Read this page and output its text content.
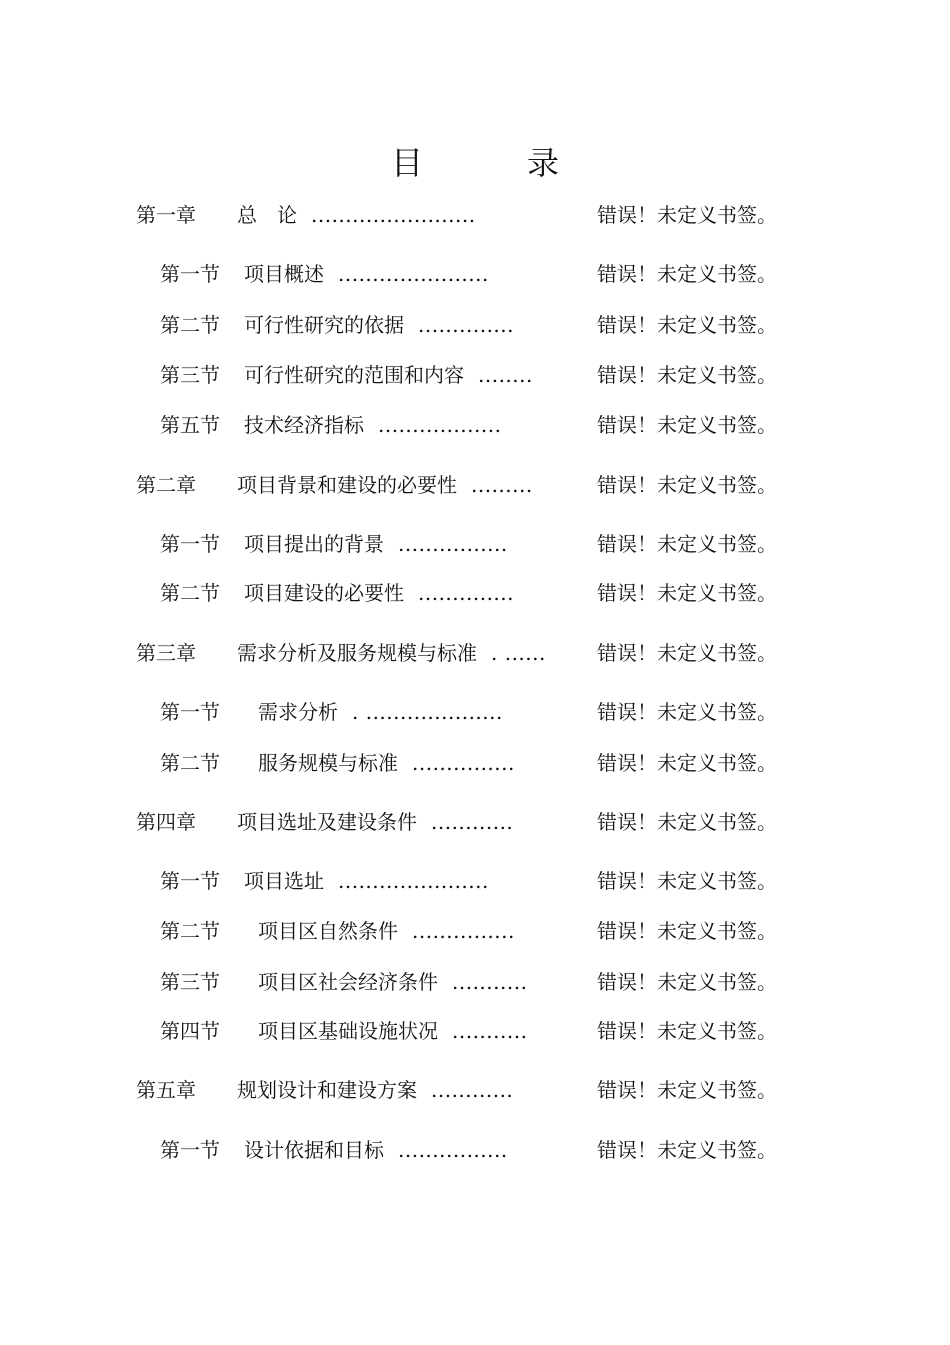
目　录
第一章 总　论 ........................	错误！未定义书签。
第一节 项目概述 ......................	错误！未定义书签。
第二节 可行性研究的依据 ..............	错误！未定义书签。
第三节 可行性研究的范围和内容 ........	错误！未定义书签。
第五节 技术经济指标 ..................	错误！未定义书签。
第二章 项目背景和建设的必要性 .........	错误！未定义书签。
第一节 项目提出的背景 ................	错误！未定义书签。
第二节 项目建设的必要性 ..............	错误！未定义书签。
第三章 需求分析及服务规模与标准 . ......	错误！未定义书签。
第一节 需求分析 . ....................	错误！未定义书签。
第二节 服务规模与标准 ...............	错误！未定义书签。
第四章 项目选址及建设条件 ............	错误！未定义书签。
第一节 项目选址 ......................	错误！未定义书签。
第二节 项目区自然条件 ...............	错误！未定义书签。
第三节 项目区社会经济条件 ...........	错误！未定义书签。
第四节 项目区基础设施状况 ...........	错误！未定义书签。
第五章 规划设计和建设方案 ............	错误！未定义书签。
第一节 设计依据和目标 ................	错误！未定义书签。
